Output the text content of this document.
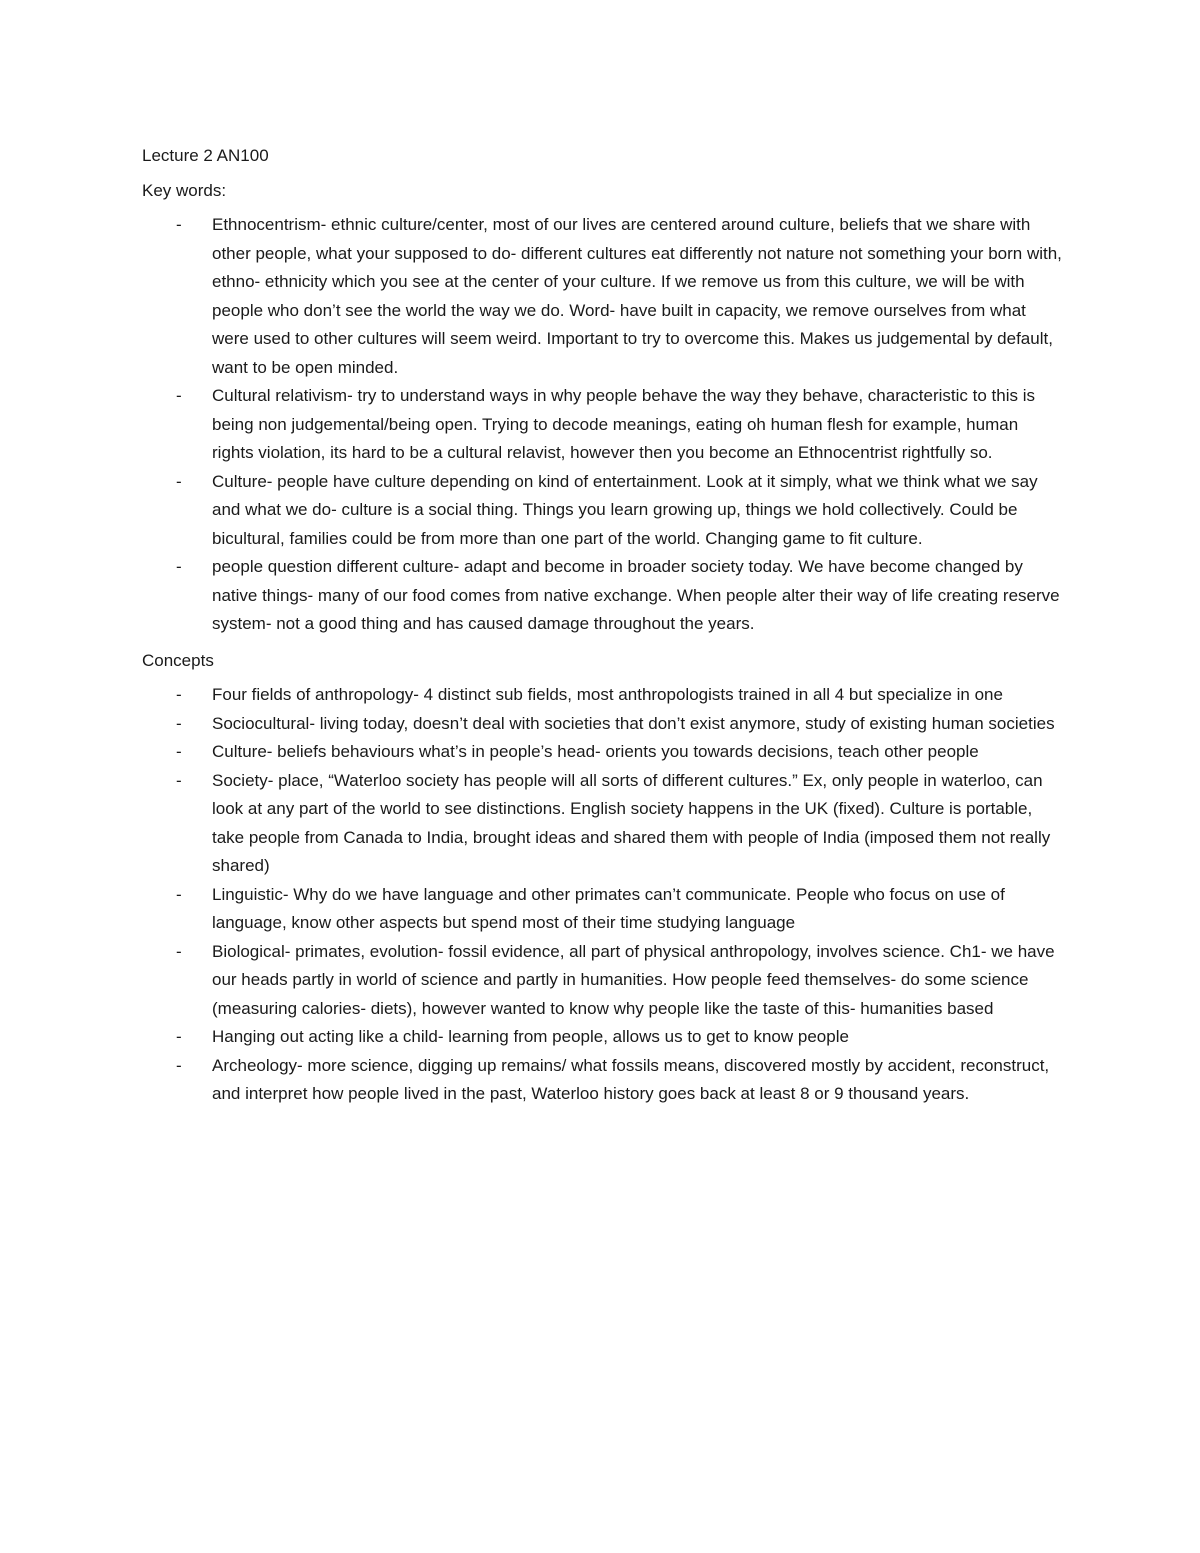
Lecture 2 AN100

Key words:

- Ethnocentrism- ethnic culture/center, most of our lives are centered around culture, beliefs that we share with other people, what your supposed to do- different cultures eat differently not nature not something your born with, ethno- ethnicity which you see at the center of your culture. If we remove us from this culture, we will be with people who don’t see the world the way we do. Word- have built in capacity, we remove ourselves from what were used to other cultures will seem weird. Important to try to overcome this. Makes us judgemental by default, want to be open minded.
- Cultural relativism- try to understand ways in why people behave the way they behave, characteristic to this is being non judgemental/being open. Trying to decode meanings, eating oh human flesh for example, human rights violation, its hard to be a cultural relavist, however then you become an Ethnocentrist rightfully so.
- Culture- people have culture depending on kind of entertainment. Look at it simply, what we think what we say and what we do- culture is a social thing. Things you learn growing up, things we hold collectively. Could be bicultural, families could be from more than one part of the world. Changing game to fit culture.
- people question different culture- adapt and become in broader society today. We have become changed by native things- many of our food comes from native exchange. When people alter their way of life creating reserve system- not a good thing and has caused damage throughout the years.

Concepts

- Four fields of anthropology- 4 distinct sub fields, most anthropologists trained in all 4 but specialize in one
- Sociocultural- living today, doesn’t deal with societies that don’t exist anymore, study of existing human societies
- Culture- beliefs behaviours what’s in people’s head- orients you towards decisions, teach other people
- Society- place, “Waterloo society has people will all sorts of different cultures.” Ex, only people in waterloo, can look at any part of the world to see distinctions. English society happens in the UK (fixed). Culture is portable, take people from Canada to India, brought ideas and shared them with people of India (imposed them not really shared)
- Linguistic- Why do we have language and other primates can’t communicate. People who focus on use of language, know other aspects but spend most of their time studying language
- Biological- primates, evolution- fossil evidence, all part of physical anthropology, involves science. Ch1- we have our heads partly in world of science and partly in humanities. How people feed themselves- do some science (measuring calories- diets), however wanted to know why people like the taste of this- humanities based
- Hanging out acting like a child- learning from people, allows us to get to know people
- Archeology- more science, digging up remains/ what fossils means, discovered mostly by accident, reconstruct, and interpret how people lived in the past, Waterloo history goes back at least 8 or 9 thousand years.
